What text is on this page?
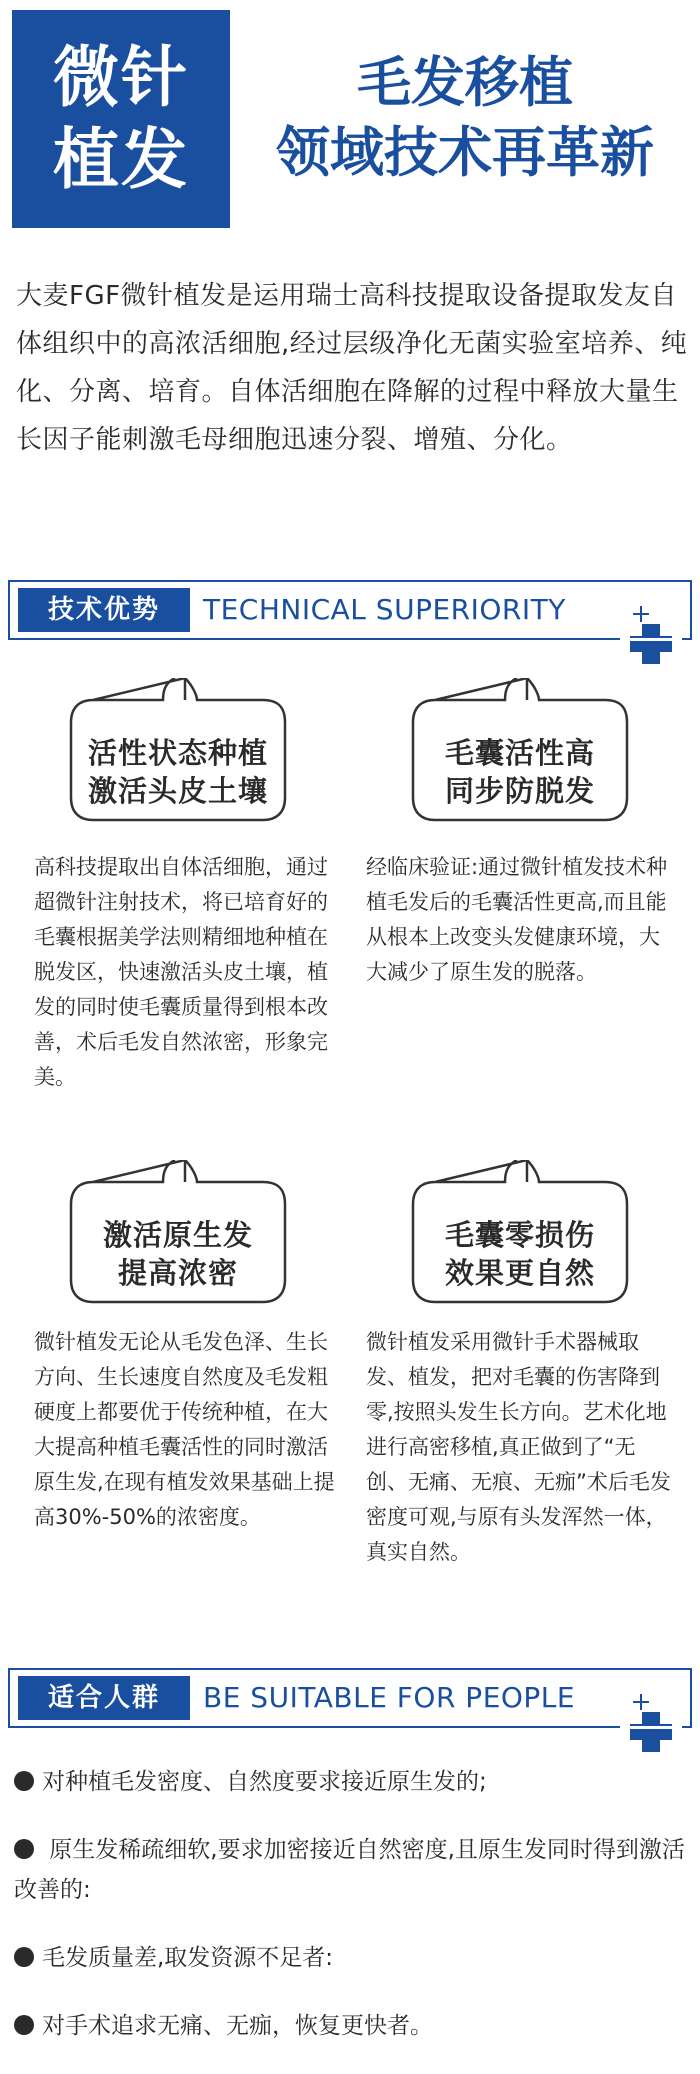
微针
植发
毛发移植
领域技术再革新
大麦FGF微针植发是运用瑞士高科技提取设备提取发友自体组织中的高浓活细胞,经过层级净化无菌实验室培养、纯化、分离、培育。自体活细胞在降解的过程中释放大量生长因子能刺激毛母细胞迅速分裂、增殖、分化。
技术优势	TECHNICAL SUPERIORITY
活性状态种植
激活头皮土壤
高科技提取出自体活细胞，通过超微针注射技术，将已培育好的毛囊根据美学法则精细地种植在脱发区，快速激活头皮土壤，植发的同时使毛囊质量得到根本改善，术后毛发自然浓密，形象完美。
毛囊活性高
同步防脱发
经临床验证:通过微针植发技术种植毛发后的毛囊活性更高,而且能从根本上改变头发健康环境，大大减少了原生发的脱落。
激活原生发
提高浓密
微针植发无论从毛发色泽、生长方向、生长速度自然度及毛发粗硬度上都要优于传统种植，在大大提高种植毛囊活性的同时激活原生发,在现有植发效果基础上提高30%-50%的浓密度。
毛囊零损伤
效果更自然
微针植发采用微针手术器械取发、植发，把对毛囊的伤害降到零,按照头发生长方向。艺术化地进行高密移植,真正做到了“无创、无痛、无痕、无痂”术后毛发密度可观,与原有头发浑然一体，真实自然。
适合人群	BE SUITABLE FOR PEOPLE
对种植毛发密度、自然度要求接近原生发的;
原生发稀疏细软,要求加密接近自然密度,且原生发同时得到激活改善的:
毛发质量差,取发资源不足者:
对手术追求无痛、无痂，恢复更快者。
